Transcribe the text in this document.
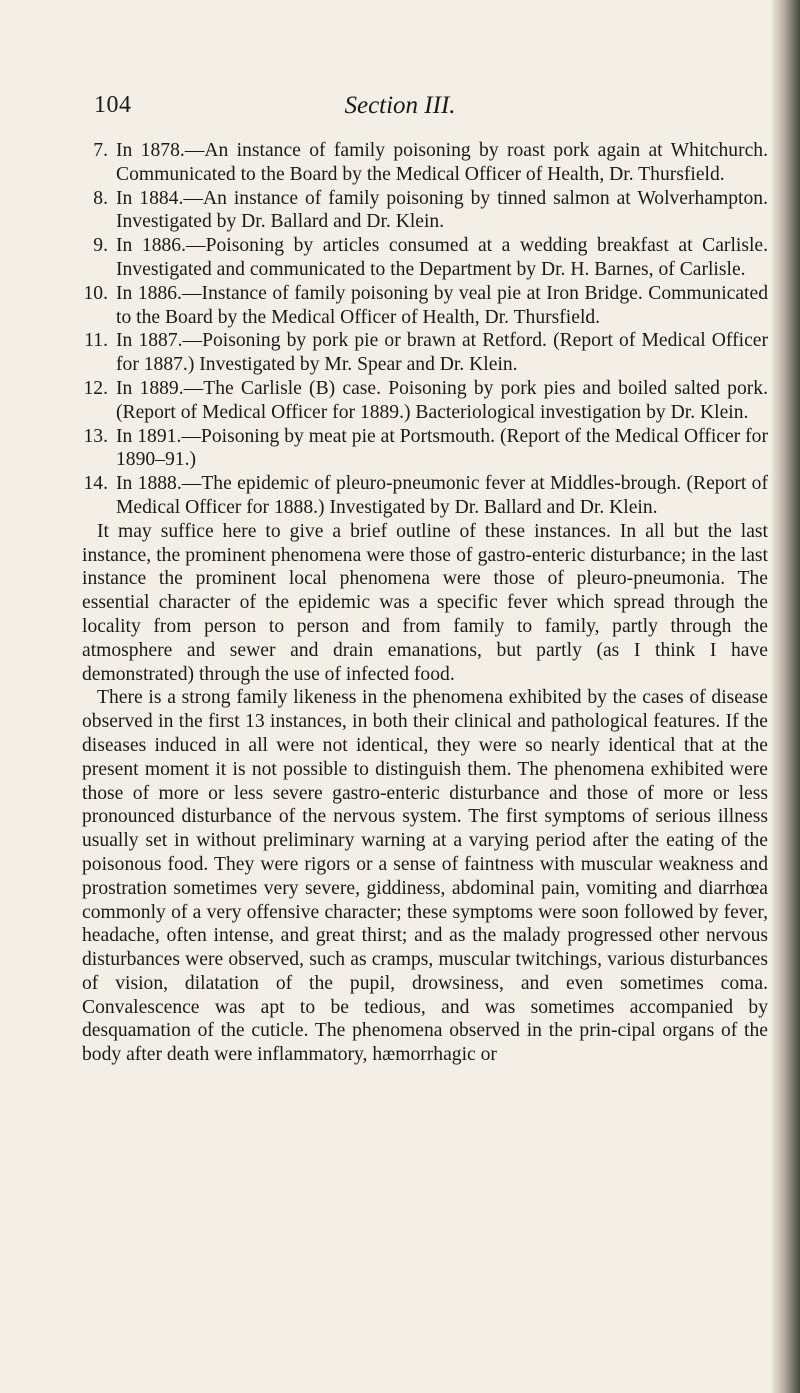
104	Section III.
7. In 1878.—An instance of family poisoning by roast pork again at Whitchurch. Communicated to the Board by the Medical Officer of Health, Dr. Thursfield.
8. In 1884.—An instance of family poisoning by tinned salmon at Wolverhampton. Investigated by Dr. Ballard and Dr. Klein.
9. In 1886.—Poisoning by articles consumed at a wedding breakfast at Carlisle. Investigated and communicated to the Department by Dr. H. Barnes, of Carlisle.
10. In 1886.—Instance of family poisoning by veal pie at Iron Bridge. Communicated to the Board by the Medical Officer of Health, Dr. Thursfield.
11. In 1887.—Poisoning by pork pie or brawn at Retford. (Report of Medical Officer for 1887.) Investigated by Mr. Spear and Dr. Klein.
12. In 1889.—The Carlisle (B) case. Poisoning by pork pies and boiled salted pork. (Report of Medical Officer for 1889.) Bacteriological investigation by Dr. Klein.
13. In 1891.—Poisoning by meat pie at Portsmouth. (Report of the Medical Officer for 1890–91.)
14. In 1888.—The epidemic of pleuro-pneumonic fever at Middles-brough. (Report of Medical Officer for 1888.) Investigated by Dr. Ballard and Dr. Klein.

It may suffice here to give a brief outline of these instances. In all but the last instance, the prominent phenomena were those of gastro-enteric disturbance; in the last instance the prominent local phenomena were those of pleuro-pneumonia. The essential character of the epidemic was a specific fever which spread through the locality from person to person and from family to family, partly through the atmosphere and sewer and drain emanations, but partly (as I think I have demonstrated) through the use of infected food.

There is a strong family likeness in the phenomena exhibited by the cases of disease observed in the first 13 instances, in both their clinical and pathological features. If the diseases induced in all were not identical, they were so nearly identical that at the present moment it is not possible to distinguish them. The phenomena exhibited were those of more or less severe gastro-enteric disturbance and those of more or less pronounced disturbance of the nervous system. The first symptoms of serious illness usually set in without preliminary warning at a varying period after the eating of the poisonous food. They were rigors or a sense of faintness with muscular weakness and prostration sometimes very severe, giddiness, abdominal pain, vomiting and diarrhœa commonly of a very offensive character; these symptoms were soon followed by fever, headache, often intense, and great thirst; and as the malady progressed other nervous disturbances were observed, such as cramps, muscular twitchings, various disturbances of vision, dilatation of the pupil, drowsiness, and even sometimes coma. Convalescence was apt to be tedious, and was sometimes accompanied by desquamation of the cuticle. The phenomena observed in the prin-cipal organs of the body after death were inflammatory, hæmorrhagic or
